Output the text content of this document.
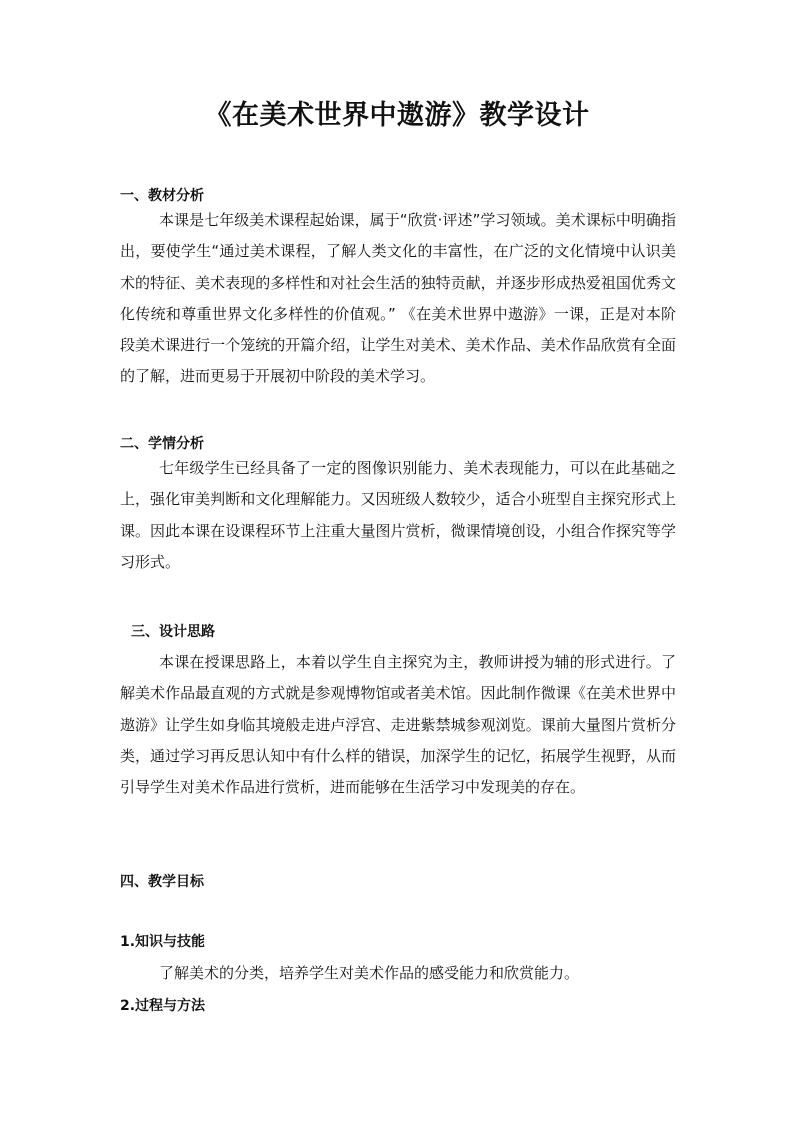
《在美术世界中遨游》教学设计
一、教材分析
本课是七年级美术课程起始课，属于“欣赏·评述”学习领域。美术课标中明确指出，要使学生“通过美术课程，了解人类文化的丰富性，在广泛的文化情境中认识美术的特征、美术表现的多样性和对社会生活的独特贡献，并逐步形成热爱祖国优秀文化传统和尊重世界文化多样性的价值观。” 《在美术世界中遨游》一课，正是对本阶段美术课进行一个笼统的开篇介绍，让学生对美术、美术作品、美术作品欣赏有全面的了解，进而更易于开展初中阶段的美术学习。
二、学情分析
七年级学生已经具备了一定的图像识别能力、美术表现能力，可以在此基础之上，强化审美判断和文化理解能力。又因班级人数较少，适合小班型自主探究形式上课。因此本课在设课程环节上注重大量图片赏析，微课情境创设，小组合作探究等学习形式。
三、设计思路
本课在授课思路上，本着以学生自主探究为主，教师讲授为辅的形式进行。了解美术作品最直观的方式就是参观博物馆或者美术馆。因此制作微课《在美术世界中遨游》让学生如身临其境般走进卢浮宫、走进紫禁城参观浏览。课前大量图片赏析分类，通过学习再反思认知中有什么样的错误，加深学生的记忆，拓展学生视野，从而引导学生对美术作品进行赏析，进而能够在生活学习中发现美的存在。
四、教学目标
1.知识与技能
了解美术的分类，培养学生对美术作品的感受能力和欣赏能力。
2.过程与方法
